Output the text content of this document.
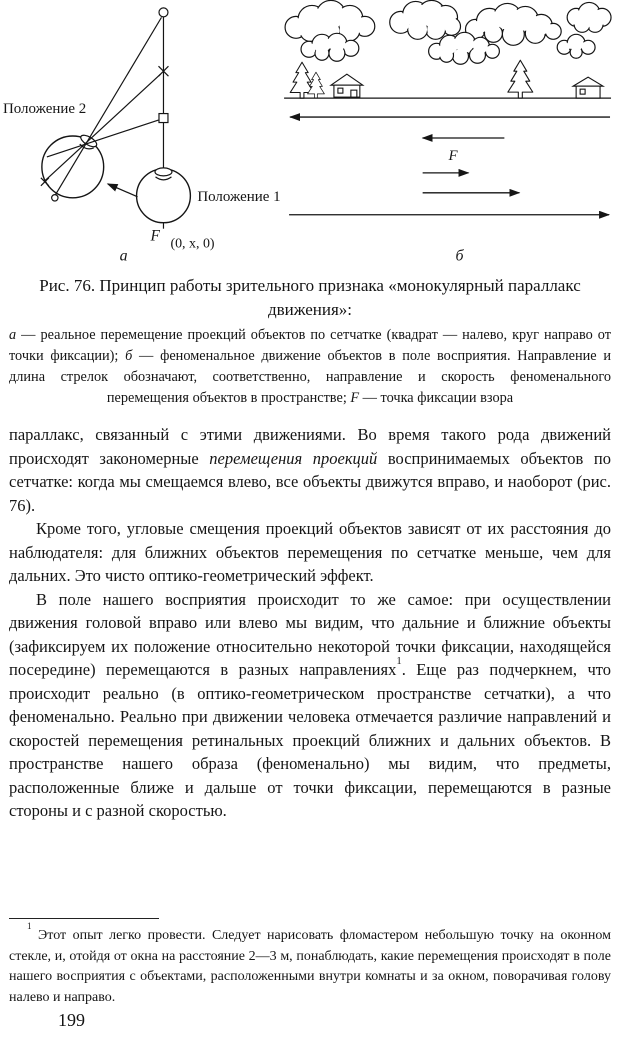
Положение 2
Положение 1
F (0, x, 0)
а
F
б
Рис. 76. Принцип работы зрительного признака «монокулярный параллакс движения»:
а — реальное перемещение проекций объектов по сетчатке (квадрат — налево, круг направо от точки фиксации); б — феноменальное движение объектов в поле восприятия. Направление и длина стрелок обозначают, соответственно, направление и скорость феноменального перемещения объектов в пространстве; F — точка фиксации взора

параллакс, связанный с этими движениями. Во время такого рода движений происходят закономерные перемещения проекций воспринимаемых объектов по сетчатке: когда мы смещаемся влево, все объекты движутся вправо, и наоборот (рис. 76).

Кроме того, угловые смещения проекций объектов зависят от их расстояния до наблюдателя: для ближних объектов перемещения по сетчатке меньше, чем для дальних. Это чисто оптико-геометрический эффект.

В поле нашего восприятия происходит то же самое: при осуществлении движения головой вправо или влево мы видим, что дальние и ближние объекты (зафиксируем их положение относительно некоторой точки фиксации, находящейся посередине) перемещаются в разных направлениях$^1$. Еще раз подчеркнем, что происходит реально (в оптико-геометрическом пространстве сетчатки), а что феноменально. Реально при движении человека отмечается различие направлений и скоростей перемещения ретинальных проекций ближних и дальних объектов. В пространстве нашего образа (феноменально) мы видим, что предметы, расположенные ближе и дальше от точки фиксации, перемещаются в разные стороны и с разной скоростью.

$^1$ Этот опыт легко провести. Следует нарисовать фломастером небольшую точку на оконном стекле, и, отойдя от окна на расстояние 2—3 м, понаблюдать, какие перемещения происходят в поле нашего восприятия с объектами, расположенными внутри комнаты и за окном, поворачивая голову налево и направо.
199
